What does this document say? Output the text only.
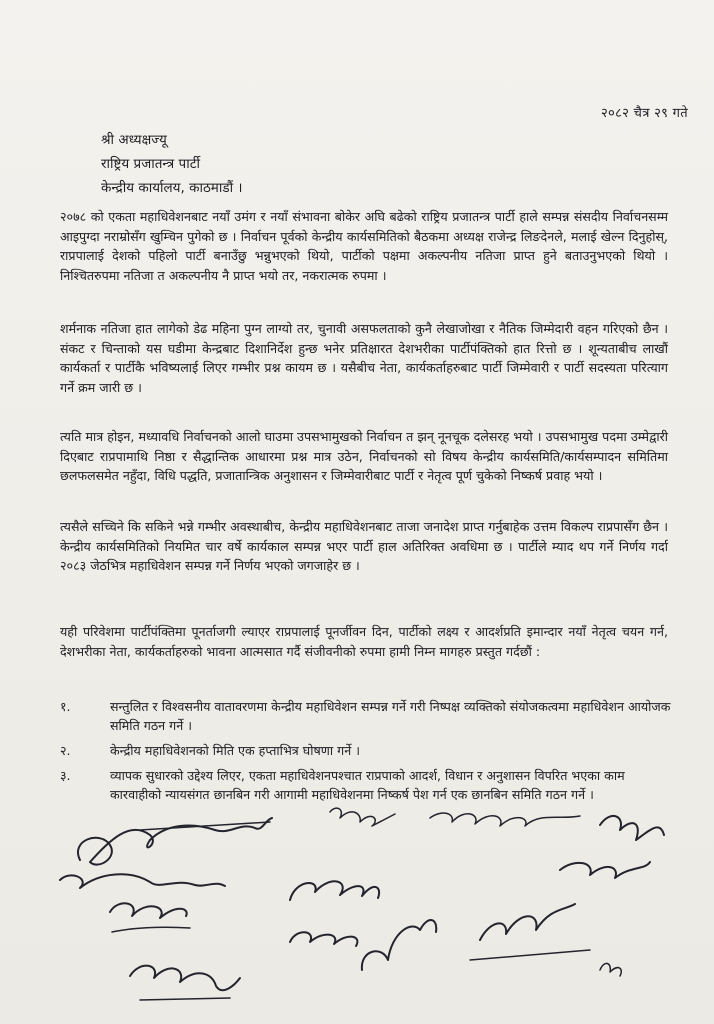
२०८२ चैत्र २९ गते
श्री अध्यक्षज्यू
राष्ट्रिय प्रजातन्त्र पार्टी
केन्द्रीय कार्यालय, काठमाडौं ।
२०७८ को एकता महाधिवेशनबाट नयाँ उमंग र नयाँ संभावना बोकेर अघि बढेको राष्ट्रिय प्रजातन्त्र पार्टी हाले सम्पन्न संसदीय निर्वाचनसम्म आइपुग्दा नराम्रोसँग खुम्चिन पुगेको छ । निर्वाचन पूर्वको केन्द्रीय कार्यसमितिको बैठकमा अध्यक्ष राजेन्द्र लिङदेनले, मलाई खेल्न दिनुहोस्, राप्रपालाई देशको पहिलो पार्टी बनाउँछु भन्नुभएको थियो, पार्टीको पक्षमा अकल्पनीय नतिजा प्राप्त हुने बताउनुभएको थियो । निश्चितरुपमा नतिजा त अकल्पनीय नै प्राप्त भयो तर, नकरात्मक रुपमा ।
शर्मनाक नतिजा हात लागेको डेढ महिना पुग्न लाग्यो तर, चुनावी असफलताको कुनै लेखाजोखा र नैतिक जिम्मेदारी वहन गरिएको छैन । संकट र चिन्ताको यस घडीमा केन्द्रबाट दिशानिर्देश हुन्छ भनेर प्रतिक्षारत देशभरीका पार्टीपंक्तिको हात रित्तो छ । शून्यताबीच लाखौं कार्यकर्ता र पार्टीकै भविष्यलाई लिएर गम्भीर प्रश्न कायम छ । यसैबीच नेता, कार्यकर्ताहरुबाट पार्टी जिम्मेवारी र पार्टी सदस्यता परित्याग गर्ने क्रम जारी छ ।
त्यति मात्र होइन, मध्यावधि निर्वाचनको आलो घाउमा उपसभामुखको निर्वाचन त झन् नूनचूक दलेसरह भयो । उपसभामुख पदमा उम्मेद्वारी दिएबाट राप्रपामाथि निष्ठा र सैद्धान्तिक आधारमा प्रश्न मात्र उठेन, निर्वाचनको सो विषय केन्द्रीय कार्यसमिति/कार्यसम्पादन समितिमा छलफलसमेत नहुँदा, विधि पद्धति, प्रजातान्त्रिक अनुशासन र जिम्मेवारीबाट पार्टी र नेतृत्व पूर्ण चुकेको निष्कर्ष प्रवाह भयो ।
त्यसैले सच्चिने कि सकिने भन्ने गम्भीर अवस्थाबीच, केन्द्रीय महाधिवेशनबाट ताजा जनादेश प्राप्त गर्नुबाहेक उत्तम विकल्प राप्रपासँग छैन । केन्द्रीय कार्यसमितिको नियमित चार वर्षे कार्यकाल सम्पन्न भएर पार्टी हाल अतिरिक्त अवधिमा छ । पार्टीले म्याद थप गर्ने निर्णय गर्दा २०८३ जेठभित्र महाधिवेशन सम्पन्न गर्ने निर्णय भएको जगजाहेर छ ।
यही परिवेशमा पार्टीपंक्तिमा पूनर्ताजगी ल्याएर राप्रपालाई पूनर्जीवन दिन, पार्टीको लक्ष्य र आदर्शप्रति इमान्दार नयाँ नेतृत्व चयन गर्न, देशभरीका नेता, कार्यकर्ताहरुको भावना आत्मसात गर्दै संजीवनीको रुपमा हामी निम्न मागहरु प्रस्तुत गर्दछौं :
१.	सन्तुलित र विश्वसनीय वातावरणमा केन्द्रीय महाधिवेशन सम्पन्न गर्ने गरी निष्पक्ष व्यक्तिको संयोजकत्वमा महाधिवेशन आयोजक समिति गठन गर्ने ।
२.	केन्द्रीय महाधिवेशनको मिति एक हप्ताभित्र घोषणा गर्ने ।
३.	व्यापक सुधारको उद्देश्य लिएर, एकता महाधिवेशनपश्चात राप्रपाको आदर्श, विधान र अनुशासन विपरित भएका काम कारवाहीको न्यायसंगत छानबिन गरी आगामी महाधिवेशनमा निष्कर्ष पेश गर्न एक छानबिन समिति गठन गर्ने ।
